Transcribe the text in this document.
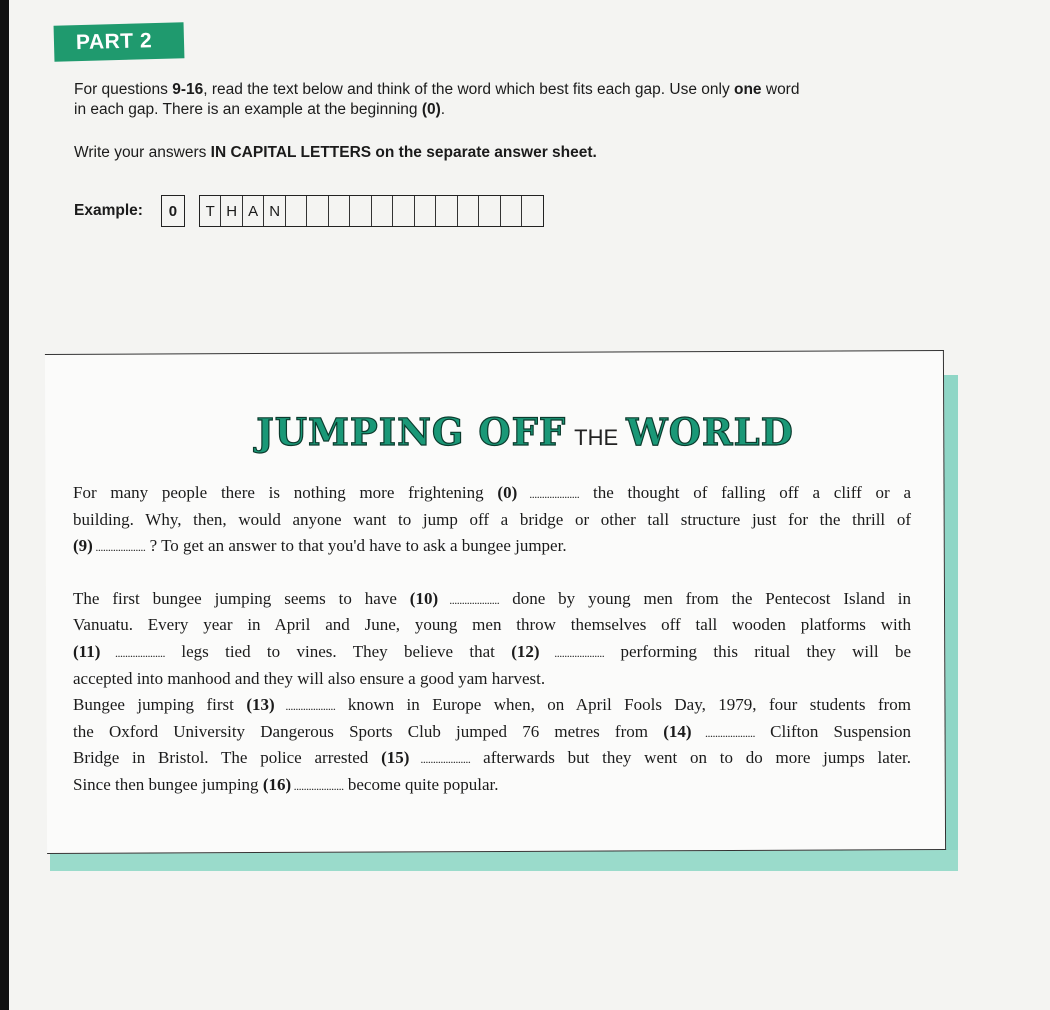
PART 2
For questions 9-16, read the text below and think of the word which best fits each gap. Use only one word
in each gap. There is an example at the beginning (0).
Write your answers IN CAPITAL LETTERS on the separate answer sheet.
Example:	0	T H A N
JUMPING OFF THE WORLD
For many people there is nothing more frightening (0) .................... the thought of falling off a cliff or a
building. Why, then, would anyone want to jump off a bridge or other tall structure just for the thrill of
(9) .................... ? To get an answer to that you'd have to ask a bungee jumper.
The first bungee jumping seems to have (10) .................... done by young men from the Pentecost Island in
Vanuatu. Every year in April and June, young men throw themselves off tall wooden platforms with
(11) .................... legs tied to vines. They believe that (12) .................... performing this ritual they will be
accepted into manhood and they will also ensure a good yam harvest.
Bungee jumping first (13) .................... known in Europe when, on April Fools Day, 1979, four students from
the Oxford University Dangerous Sports Club jumped 76 metres from (14) .................... Clifton Suspension
Bridge in Bristol. The police arrested (15) .................... afterwards but they went on to do more jumps later.
Since then bungee jumping (16) .................... become quite popular.
